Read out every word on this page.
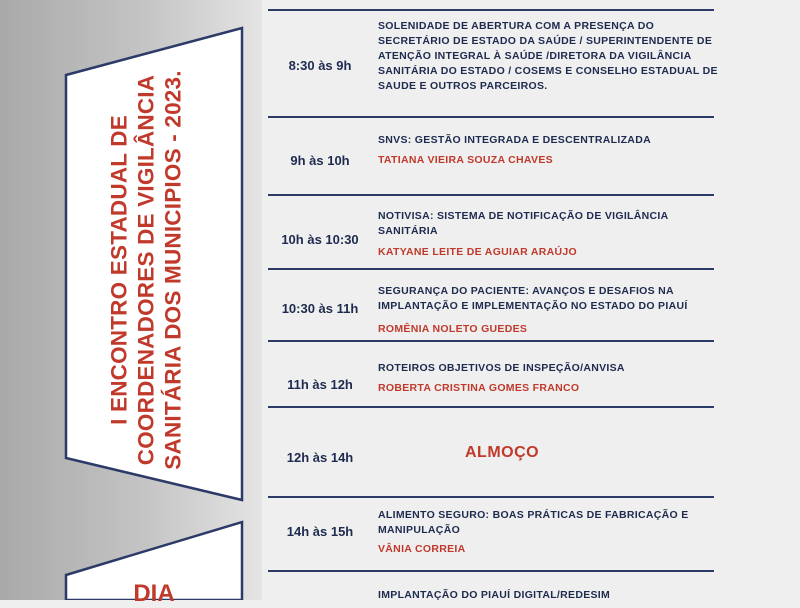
I ENCONTRO ESTADUAL DE COORDENADORES DE VIGILÂNCIA SANITÁRIA DOS MUNICIPIOS - 2023.
DIA
8:30 às 9h
SOLENIDADE DE ABERTURA COM A PRESENÇA DO SECRETÁRIO DE ESTADO DA SAÚDE / SUPERINTENDENTE DE ATENÇÃO INTEGRAL À SAÚDE /DIRETORA DA VIGILÂNCIA SANITÁRIA DO ESTADO / COSEMS E CONSELHO ESTADUAL DE SAUDE E OUTROS PARCEIROS.
9h às 10h
SNVS: GESTÃO INTEGRADA E DESCENTRALIZADA
TATIANA VIEIRA SOUZA CHAVES
10h às 10:30
NOTIVISA: SISTEMA DE NOTIFICAÇÃO DE VIGILÂNCIA SANITÁRIA
KATYANE LEITE DE AGUIAR ARAÚJO
10:30 às 11h
SEGURANÇA DO PACIENTE: AVANÇOS E DESAFIOS NA IMPLANTAÇÃO E IMPLEMENTAÇÃO NO ESTADO DO PIAUÍ
ROMÊNIA NOLETO GUEDES
11h às 12h
ROTEIROS OBJETIVOS DE INSPEÇÃO/ANVISA
ROBERTA CRISTINA GOMES FRANCO
12h às 14h	ALMOÇO
14h às 15h
ALIMENTO SEGURO: BOAS PRÁTICAS DE FABRICAÇÃO E MANIPULAÇÃO
VÂNIA CORREIA
IMPLANTAÇÃO DO PIAUÍ DIGITAL/REDESIM
